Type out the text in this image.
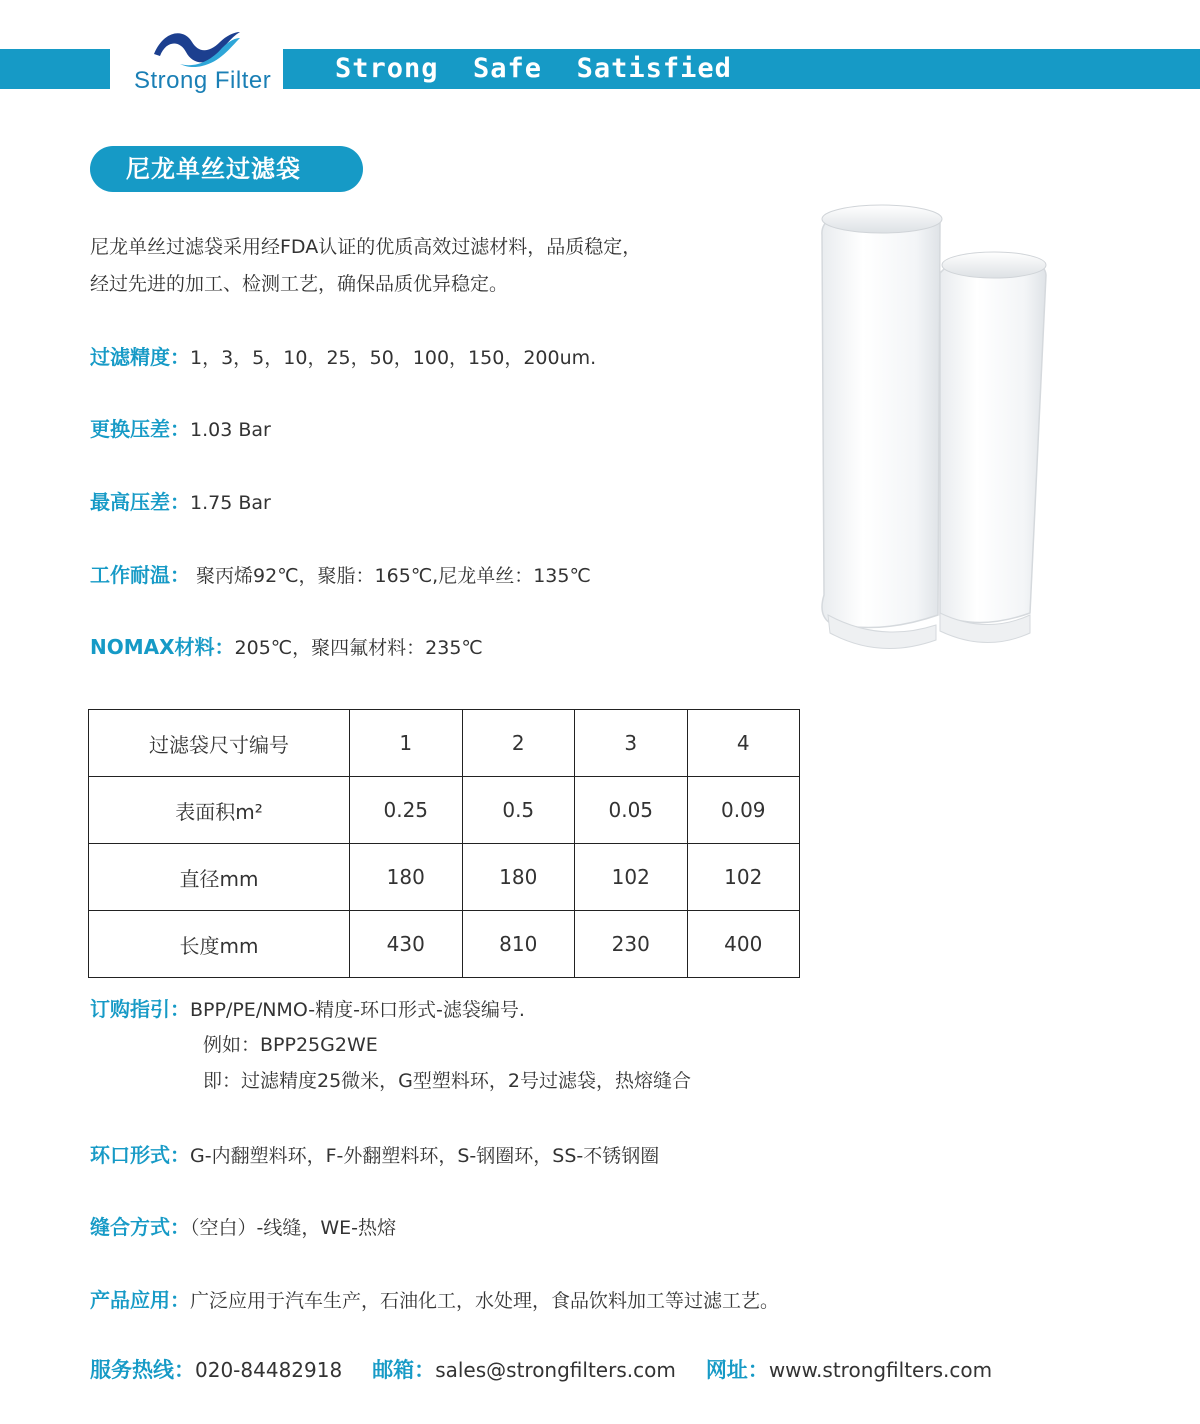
Strong  Safe  Satisfied
Strong Filter
尼龙单丝过滤袋
尼龙单丝过滤袋采用经FDA认证的优质高效过滤材料，品质稳定，
经过先进的加工、检测工艺，确保品质优异稳定。
过滤精度：1，3，5，10，25，50，100，150，200um.
更换压差：1.03 Bar
最高压差：1.75 Bar
工作耐温： 聚丙烯92℃，聚脂：165℃,尼龙单丝：135℃
NOMAX材料：205℃，聚四氟材料：235℃
过滤袋尺寸编号	1	2	3	4
表面积m²	0.25	0.5	0.05	0.09
直径mm	180	180	102	102
长度mm	430	810	230	400
订购指引：BPP/PE/NMO-精度-环口形式-滤袋编号.
例如：BPP25G2WE
即：过滤精度25微米，G型塑料环，2号过滤袋，热熔缝合
环口形式：G-内翻塑料环，F-外翻塑料环，S-钢圈环，SS-不锈钢圈
缝合方式：（空白）-线缝，WE-热熔
产品应用：广泛应用于汽车生产，石油化工，水处理，食品饮料加工等过滤工艺。
服务热线：020-84482918 邮箱：sales@strongfilters.com 网址：www.strongfilters.com
